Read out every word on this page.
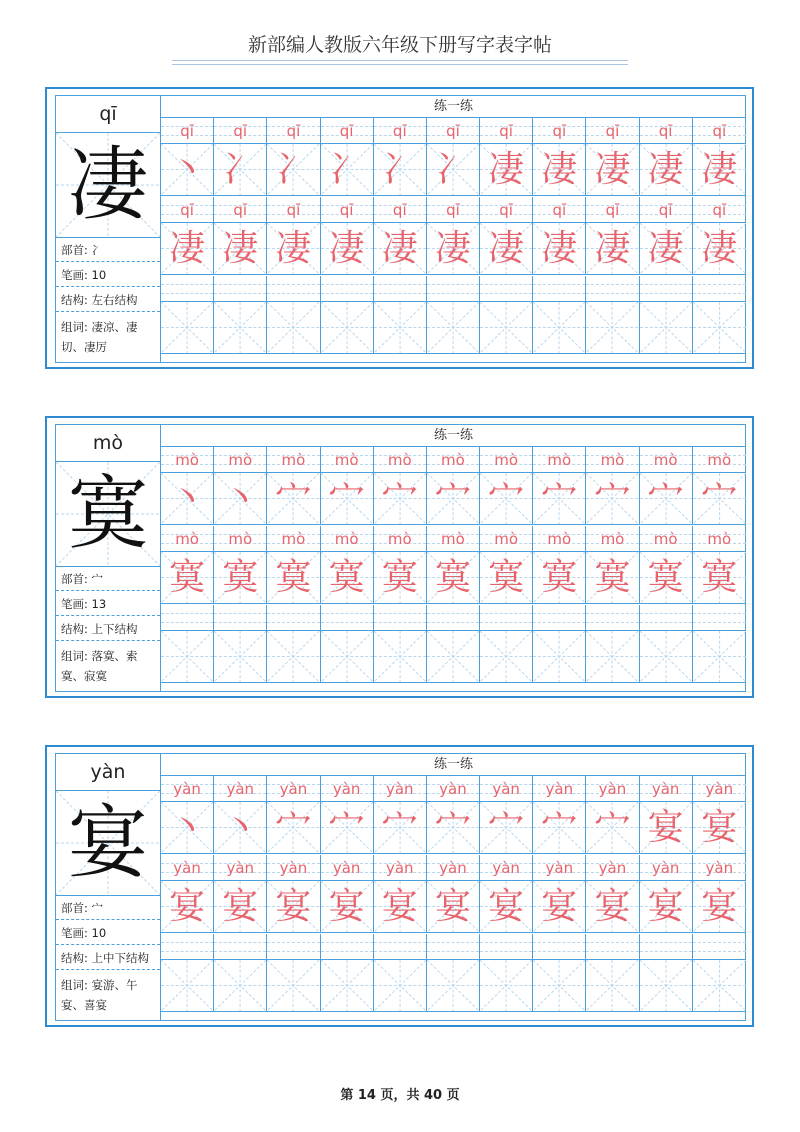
新部编人教版六年级下册写字表字帖
qī
凄
部首: 冫
笔画: 10
结构: 左右结构
组词: 凄凉、凄切、凄厉
练一练
qī	qī	qī	qī	qī	qī	qī	qī	qī	qī	qī
丶 冫 冫 冫 冫 冫 凄 凄 凄 凄 凄
qī	qī	qī	qī	qī	qī	qī	qī	qī	qī	qī
凄 凄 凄 凄 凄 凄 凄 凄 凄 凄 凄
mò
寞
部首: 宀
笔画: 13
结构: 上下结构
组词: 落寞、索寞、寂寞
练一练
mò	mò	mò	mò	mò	mò	mò	mò	mò	mò	mò
丶 丶 宀 宀 宀 宀 宀 宀 宀 宀 宀
mò	mò	mò	mò	mò	mò	mò	mò	mò	mò	mò
寞 寞 寞 寞 寞 寞 寞 寞 寞 寞 寞
yàn
宴
部首: 宀
笔画: 10
结构: 上中下结构
组词: 宴游、午宴、喜宴
练一练
yàn	yàn	yàn	yàn	yàn	yàn	yàn	yàn	yàn	yàn	yàn
丶 丶 宀 宀 宀 宀 宀 宀 宀 宴 宴
yàn	yàn	yàn	yàn	yàn	yàn	yàn	yàn	yàn	yàn	yàn
宴 宴 宴 宴 宴 宴 宴 宴 宴 宴 宴
第 14 页，共 40 页
